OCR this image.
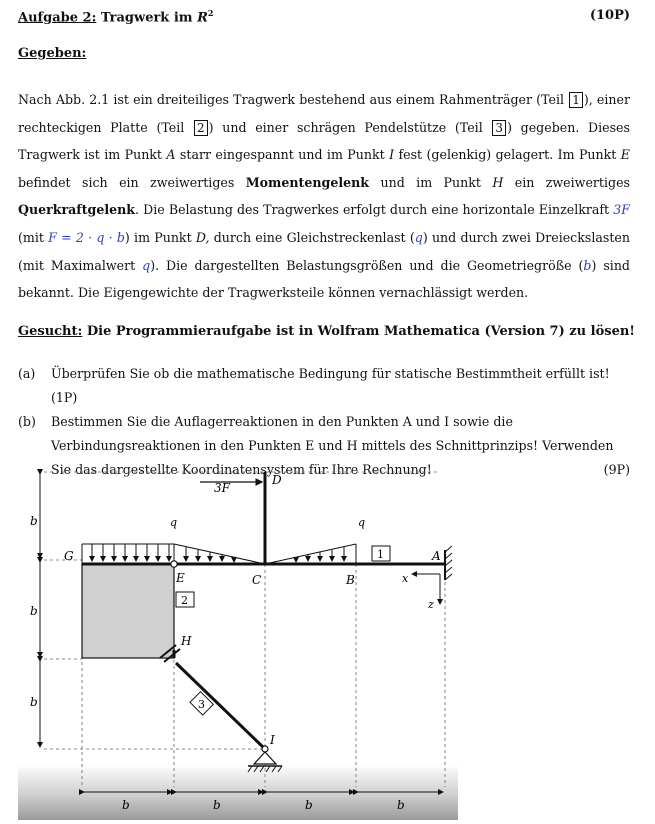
Aufgabe 2: Tragwerk im $R^2$	(10P)
Gegeben:
Nach Abb. 2.1 ist ein dreiteiliges Tragwerk bestehend aus einem Rahmenträger (Teil 1 ), einer rechteckigen Platte (Teil 2 ) und einer schrägen Pendelstütze (Teil 3 ) gegeben. Dieses Tragwerk ist im Punkt A starr eingespannt und im Punkt I fest (gelenkig) gelagert. Im Punkt E befindet sich ein zweiwertiges Momentengelenk und im Punkt H ein zweiwertiges Querkraftgelenk. Die Belastung des Tragwerkes erfolgt durch eine horizontale Einzelkraft 3F (mit F = 2 · q · b) im Punkt D, durch eine Gleichstreckenlast (q) und durch zwei Dreieckslasten (mit Maximalwert q). Die dargestellten Belastungsgrößen und die Geometriegröße (b) sind bekannt. Die Eigengewichte der Tragwerksteile können vernachlässigt werden.
Gesucht: Die Programmieraufgabe ist in Wolfram Mathematica (Version 7) zu lösen!
(a) Überprüfen Sie ob die mathematische Bedingung für statische Bestimmtheit erfüllt ist!(1P)
(b) Bestimmen Sie die Auflagerreaktionen in den Punkten A und I sowie die Verbindungsreaktionen in den Punkten E und H mittels des Schnittprinzips! Verwenden Sie das dargestellte Koordinatensystem für Ihre Rechnung!	(9P)
b
b
b
q	q
3F
D
E
G
C	B
1
2
A
x
z
H
3
I
b	b	b	b
